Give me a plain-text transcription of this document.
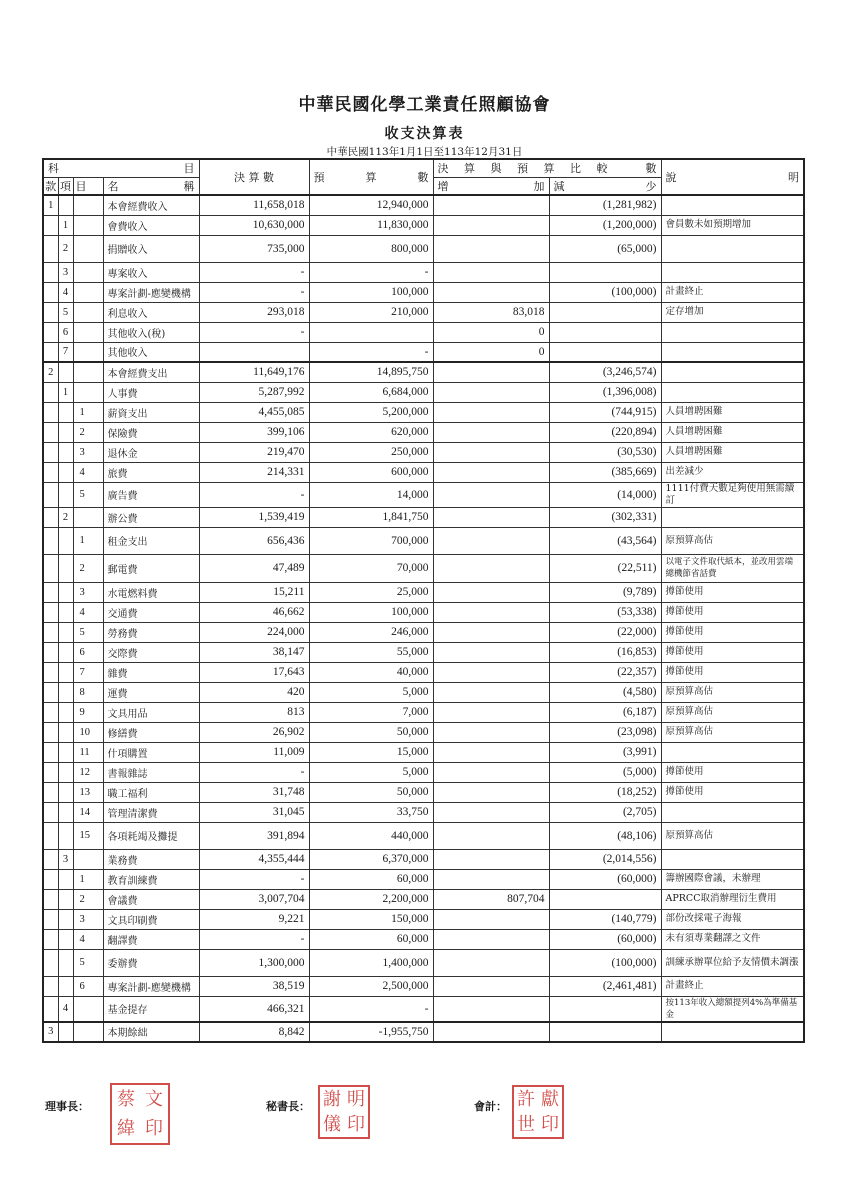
中華民國化學工業責任照顧協會
收支決算表
中華民國113年1月1日至113年12月31日
科 目				決 算 數	預 算 數	決 算 與 預 算 比 較 數		說 明

款	項	目	名 稱			增 加	減 少	

1			本會經費收入	11,658,018	12,940,000		(1,281,982)	
	1		會費收入	10,630,000	11,830,000		(1,200,000)	會員數未如預期增加
	2		捐贈收入	735,000	800,000		(65,000)	
	3		專案收入	-	-			
	4		專案計劃-應變機構	-	100,000		(100,000)	計畫終止
	5		利息收入	293,018	210,000	83,018		定存增加
	6		其他收入(稅)	-		0		
	7		其他收入		-	0		
2			本會經費支出	11,649,176	14,895,750		(3,246,574)	
	1		人事費	5,287,992	6,684,000		(1,396,008)	
		1	薪資支出	4,455,085	5,200,000		(744,915)	人員增聘困難
		2	保險費	399,106	620,000		(220,894)	人員增聘困難
		3	退休金	219,470	250,000		(30,530)	人員增聘困難
		4	旅費	214,331	600,000		(385,669)	出差減少
		5	廣告費	-	14,000		(14,000)	1111付費天數足夠使用無需續訂
	2		辦公費	1,539,419	1,841,750		(302,331)	
		1	租金支出	656,436	700,000		(43,564)	原預算高估
		2	郵電費	47,489	70,000		(22,511)	以電子文件取代紙本，並改用雲端總機節省話費
		3	水電燃料費	15,211	25,000		(9,789)	撙節使用
		4	交通費	46,662	100,000		(53,338)	撙節使用
		5	勞務費	224,000	246,000		(22,000)	撙節使用
		6	交際費	38,147	55,000		(16,853)	撙節使用
		7	雜費	17,643	40,000		(22,357)	撙節使用
		8	運費	420	5,000		(4,580)	原預算高估
		9	文具用品	813	7,000		(6,187)	原預算高估
		10	修繕費	26,902	50,000		(23,098)	原預算高估
		11	什項購置	11,009	15,000		(3,991)	
		12	書報雜誌	-	5,000		(5,000)	撙節使用
		13	職工福利	31,748	50,000		(18,252)	撙節使用
		14	管理清潔費	31,045	33,750		(2,705)	
		15	各項耗竭及攤提	391,894	440,000		(48,106)	原預算高估
	3		業務費	4,355,444	6,370,000		(2,014,556)	
		1	教育訓練費	-	60,000		(60,000)	籌辦國際會議，未辦理
		2	會議費	3,007,704	2,200,000	807,704		APRCC取消辦理衍生費用
		3	文具印刷費	9,221	150,000		(140,779)	部份改採電子海報
		4	翻譯費	-	60,000		(60,000)	未有須專業翻譯之文件
		5	委辦費	1,300,000	1,400,000		(100,000)	訓練承辦單位給予友情價未調漲
		6	專案計劃-應變機構	38,519	2,500,000		(2,461,481)	計畫終止
	4		基金提存	466,321	-			按113年收入總額提列4%為準備基金
3			本期餘絀	8,842	-1,955,750			
理事長： 蔡 文
緯 印
秘書長： 謝 明
儀 印
會計： 許 獻
世 印
